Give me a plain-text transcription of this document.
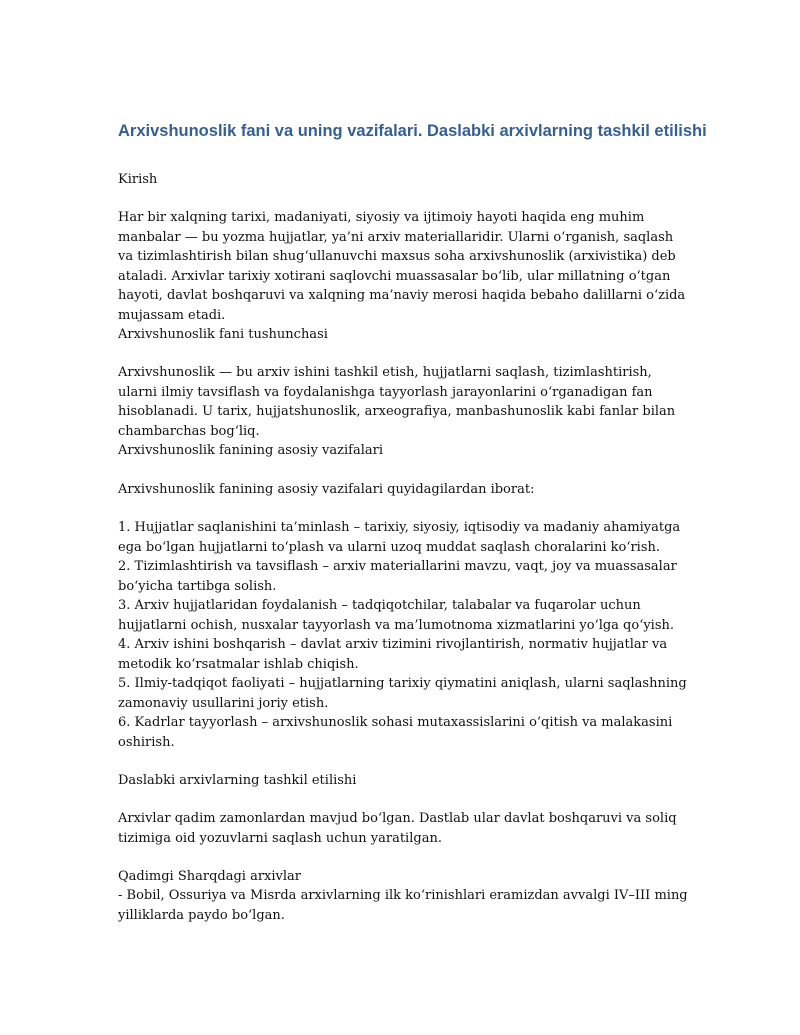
Arxivshunoslik fani va uning vazifalari. Daslabki arxivlarning tashkil etilishi

Kirish

Har bir xalqning tarixi, madaniyati, siyosiy va ijtimoiy hayoti haqida eng muhim manbalar — bu yozma hujjatlar, ya’ni arxiv materiallaridir. Ularni o‘rganish, saqlash va tizimlashtirish bilan shug‘ullanuvchi maxsus soha arxivshunoslik (arxivistika) deb ataladi. Arxivlar tarixiy xotirani saqlovchi muassasalar bo‘lib, ular millatning o‘tgan hayoti, davlat boshqaruvi va xalqning ma’naviy merosi haqida bebaho dalillarni o‘zida mujassam etadi.

Arxivshunoslik fani tushunchasi

Arxivshunoslik — bu arxiv ishini tashkil etish, hujjatlarni saqlash, tizimlashtirish, ularni ilmiy tavsiflash va foydalanishga tayyorlash jarayonlarini o‘rganadigan fan hisoblanadi. U tarix, hujjatshunoslik, arxeografiya, manbashunoslik kabi fanlar bilan chambarchas bog‘liq.

Arxivshunoslik fanining asosiy vazifalari

Arxivshunoslik fanining asosiy vazifalari quyidagilardan iborat:

1. Hujjatlar saqlanishini ta’minlash – tarixiy, siyosiy, iqtisodiy va madaniy ahamiyatga ega bo‘lgan hujjatlarni to‘plash va ularni uzoq muddat saqlash choralarini ko‘rish.
2. Tizimlashtirish va tavsiflash – arxiv materiallarini mavzu, vaqt, joy va muassasalar bo‘yicha tartibga solish.
3. Arxiv hujjatlaridan foydalanish – tadqiqotchilar, talabalar va fuqarolar uchun hujjatlarni ochish, nusxalar tayyorlash va ma’lumotnoma xizmatlarini yo‘lga qo‘yish.
4. Arxiv ishini boshqarish – davlat arxiv tizimini rivojlantirish, normativ hujjatlar va metodik ko‘rsatmalar ishlab chiqish.
5. Ilmiy-tadqiqot faoliyati – hujjatlarning tarixiy qiymatini aniqlash, ularni saqlashning zamonaviy usullarini joriy etish.
6. Kadrlar tayyorlash – arxivshunoslik sohasi mutaxassislarini o‘qitish va malakasini oshirish.

Daslabki arxivlarning tashkil etilishi

Arxivlar qadim zamonlardan mavjud bo‘lgan. Dastlab ular davlat boshqaruvi va soliq tizimiga oid yozuvlarni saqlash uchun yaratilgan.

Qadimgi Sharqdagi arxivlar

- Bobil, Ossuriya va Misrda arxivlarning ilk ko‘rinishlari eramizdan avvalgi IV–III ming yilliklarda paydo bo‘lgan.
